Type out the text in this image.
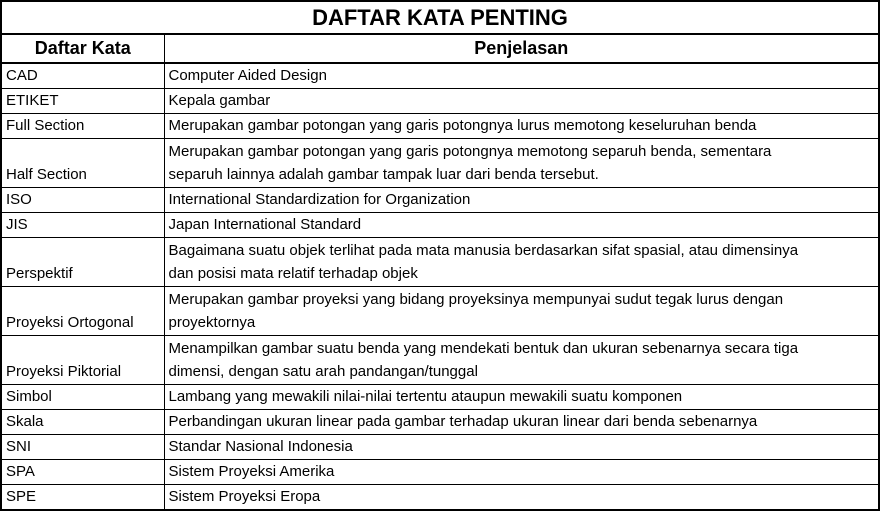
DAFTAR KATA PENTING	
Daftar Kata	Penjelasan
CAD	Computer Aided Design
ETIKET	Kepala gambar
Full Section	Merupakan gambar potongan yang garis potongnya lurus memotong keseluruhan benda
Half Section	Merupakan gambar potongan yang garis potongnya memotong separuh benda, sementara
separuh lainnya adalah gambar tampak luar dari benda tersebut.
ISO	International Standardization for Organization
JIS	Japan International Standard
Perspektif	Bagaimana suatu objek terlihat pada mata manusia berdasarkan sifat spasial, atau dimensinya
dan posisi mata relatif terhadap objek
Proyeksi Ortogonal	Merupakan gambar proyeksi yang bidang proyeksinya mempunyai sudut tegak lurus dengan
proyektornya
Proyeksi Piktorial	Menampilkan gambar suatu benda yang mendekati bentuk dan ukuran sebenarnya secara tiga
dimensi, dengan satu arah pandangan/tunggal
Simbol	Lambang yang mewakili nilai-nilai tertentu ataupun mewakili suatu komponen
Skala	Perbandingan ukuran linear pada gambar terhadap ukuran linear dari benda sebenarnya
SNI	Standar Nasional Indonesia
SPA	Sistem Proyeksi Amerika
SPE	Sistem Proyeksi Eropa
